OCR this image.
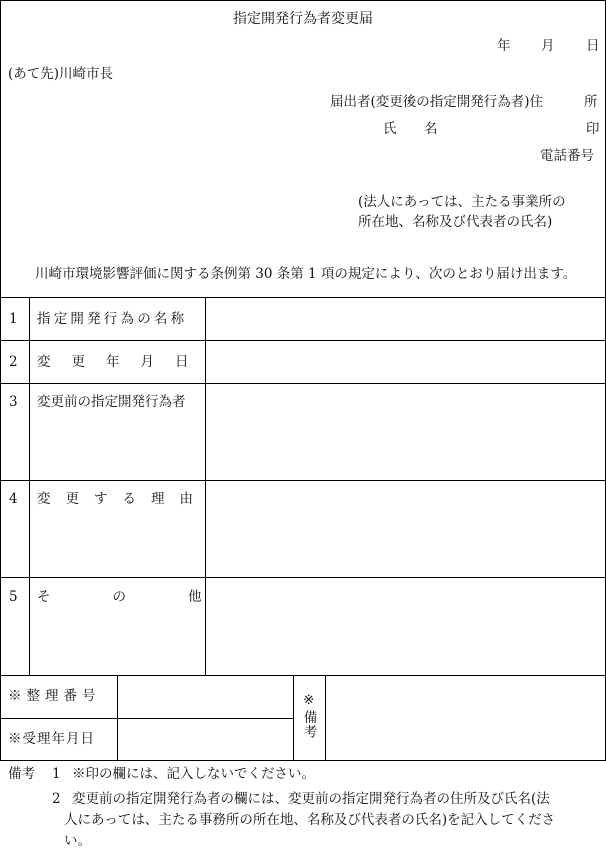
指定開発行為者変更届
年 月 日
(あて先)川崎市長
届出者(変更後の指定開発行為者)住	所
氏 名	印
電話番号
(法人にあっては、主たる事業所の
所在地、名称及び代表者の氏名)
川崎市環境影響評価に関する条例第 30 条第 1 項の規定により、次のとおり届け出ます。
1 指定開発行為の名称
2 変更年月日
3 変更前の指定開発行為者
4 変更する理由
5 その他
※整理番号
※受理年月日
※
備考
備考 1 ※印の欄には、記入しないでください。
2 変更前の指定開発行為者の欄には、変更前の指定開発行為者の住所及び氏名(法
人にあっては、主たる事務所の所在地、名称及び代表者の氏名)を記入してくださ
い。
